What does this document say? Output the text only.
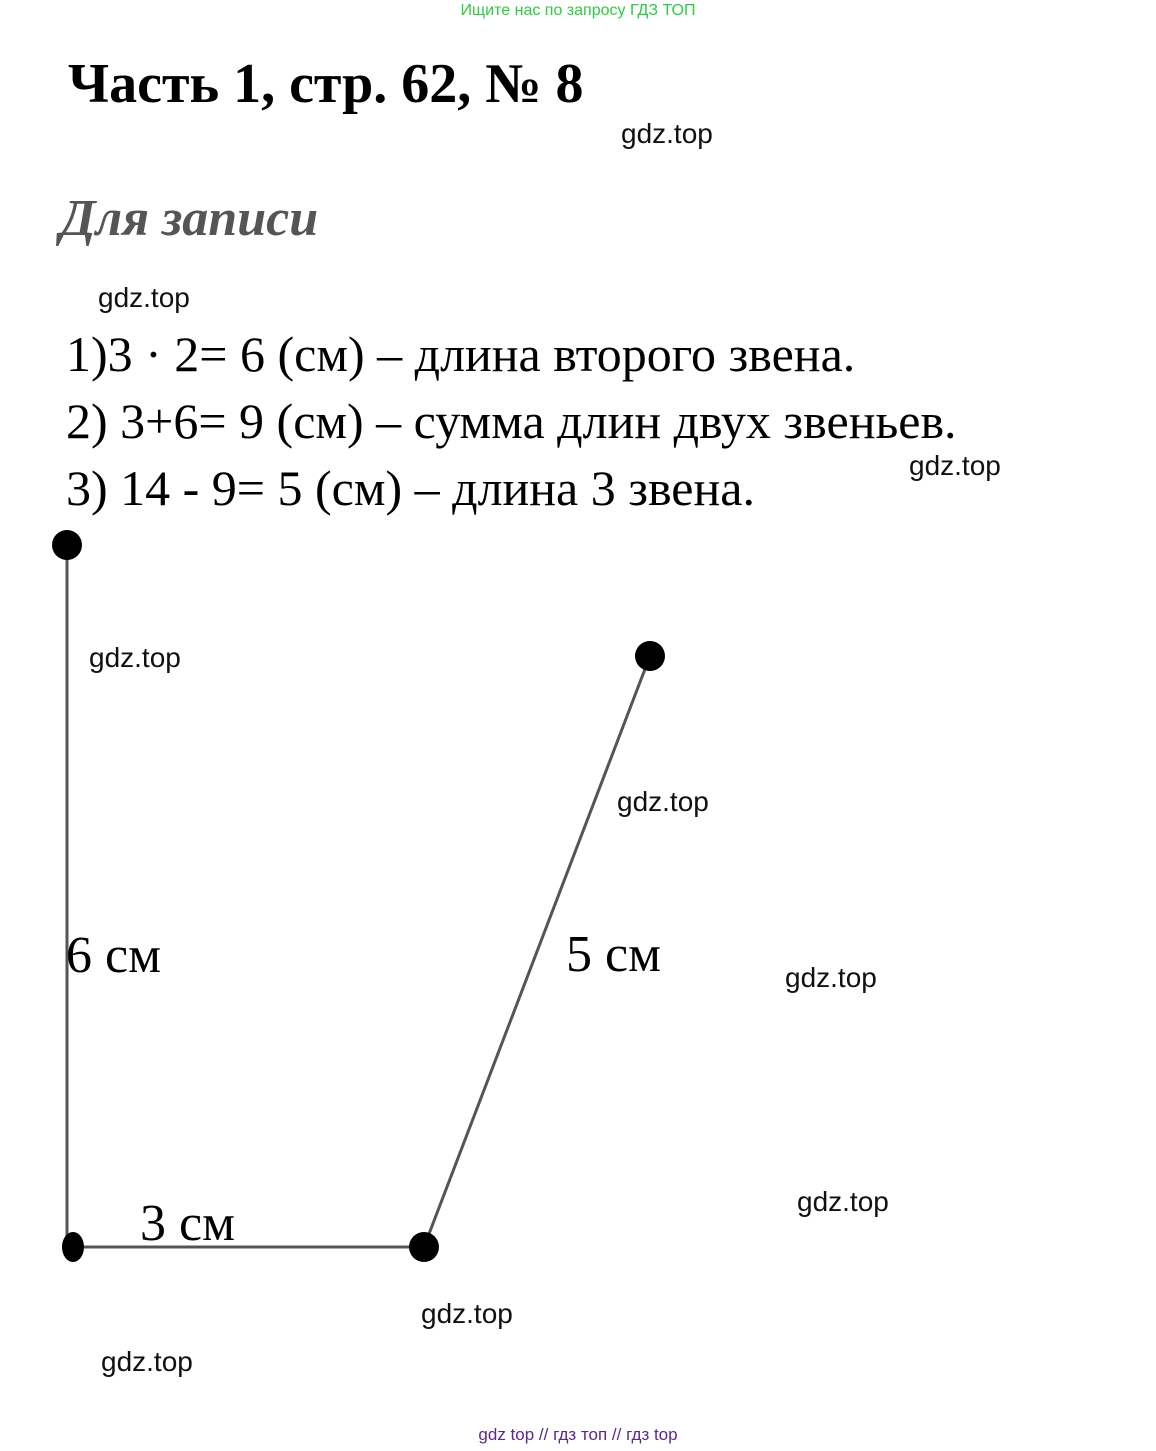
Ищите нас по запросу ГДЗ ТОП
Часть 1, стр. 62, № 8
Для записи
1)3 · 2= 6 (см) – длина второго звена.
2) 3+6= 9 (см) – сумма длин двух звеньев.
3) 14 - 9= 5 (см) – длина 3 звена.
6 см
3 см
5 см
gdz.top
gdz.top
gdz.top
gdz.top
gdz.top
gdz.top
gdz.top
gdz.top
gdz.top
gdz top // гдз топ // гдз top
